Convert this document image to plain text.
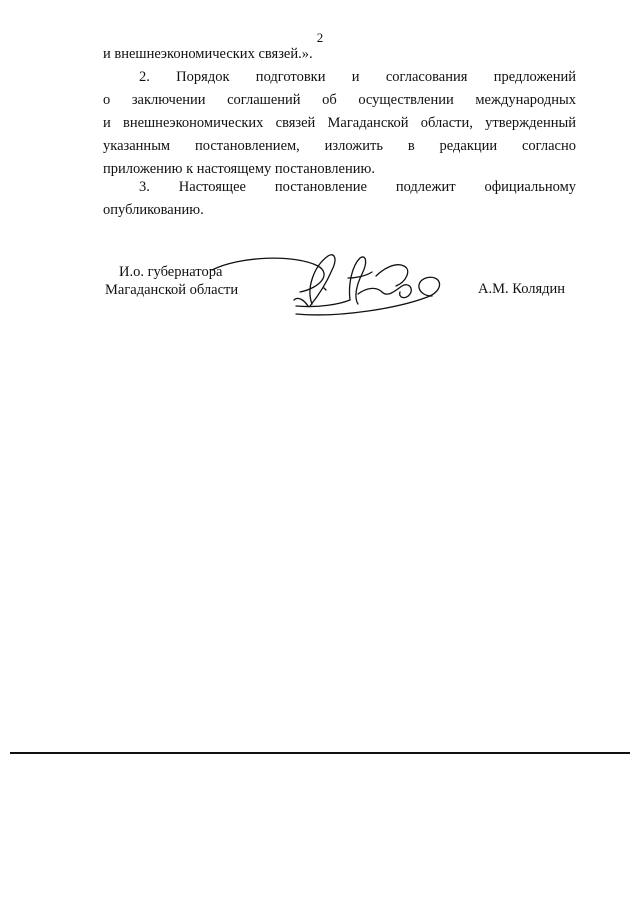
2
и внешнеэкономических связей.».
2. Порядок подготовки и согласования предложений
о заключении соглашений об осуществлении международных
и внешнеэкономических связей Магаданской области, утвержденный
указанным постановлением, изложить в редакции согласно
приложению к настоящему постановлению.
3. Настоящее постановление подлежит официальному
опубликованию.
И.о. губернатора
Магаданской области	А.М. Колядин
